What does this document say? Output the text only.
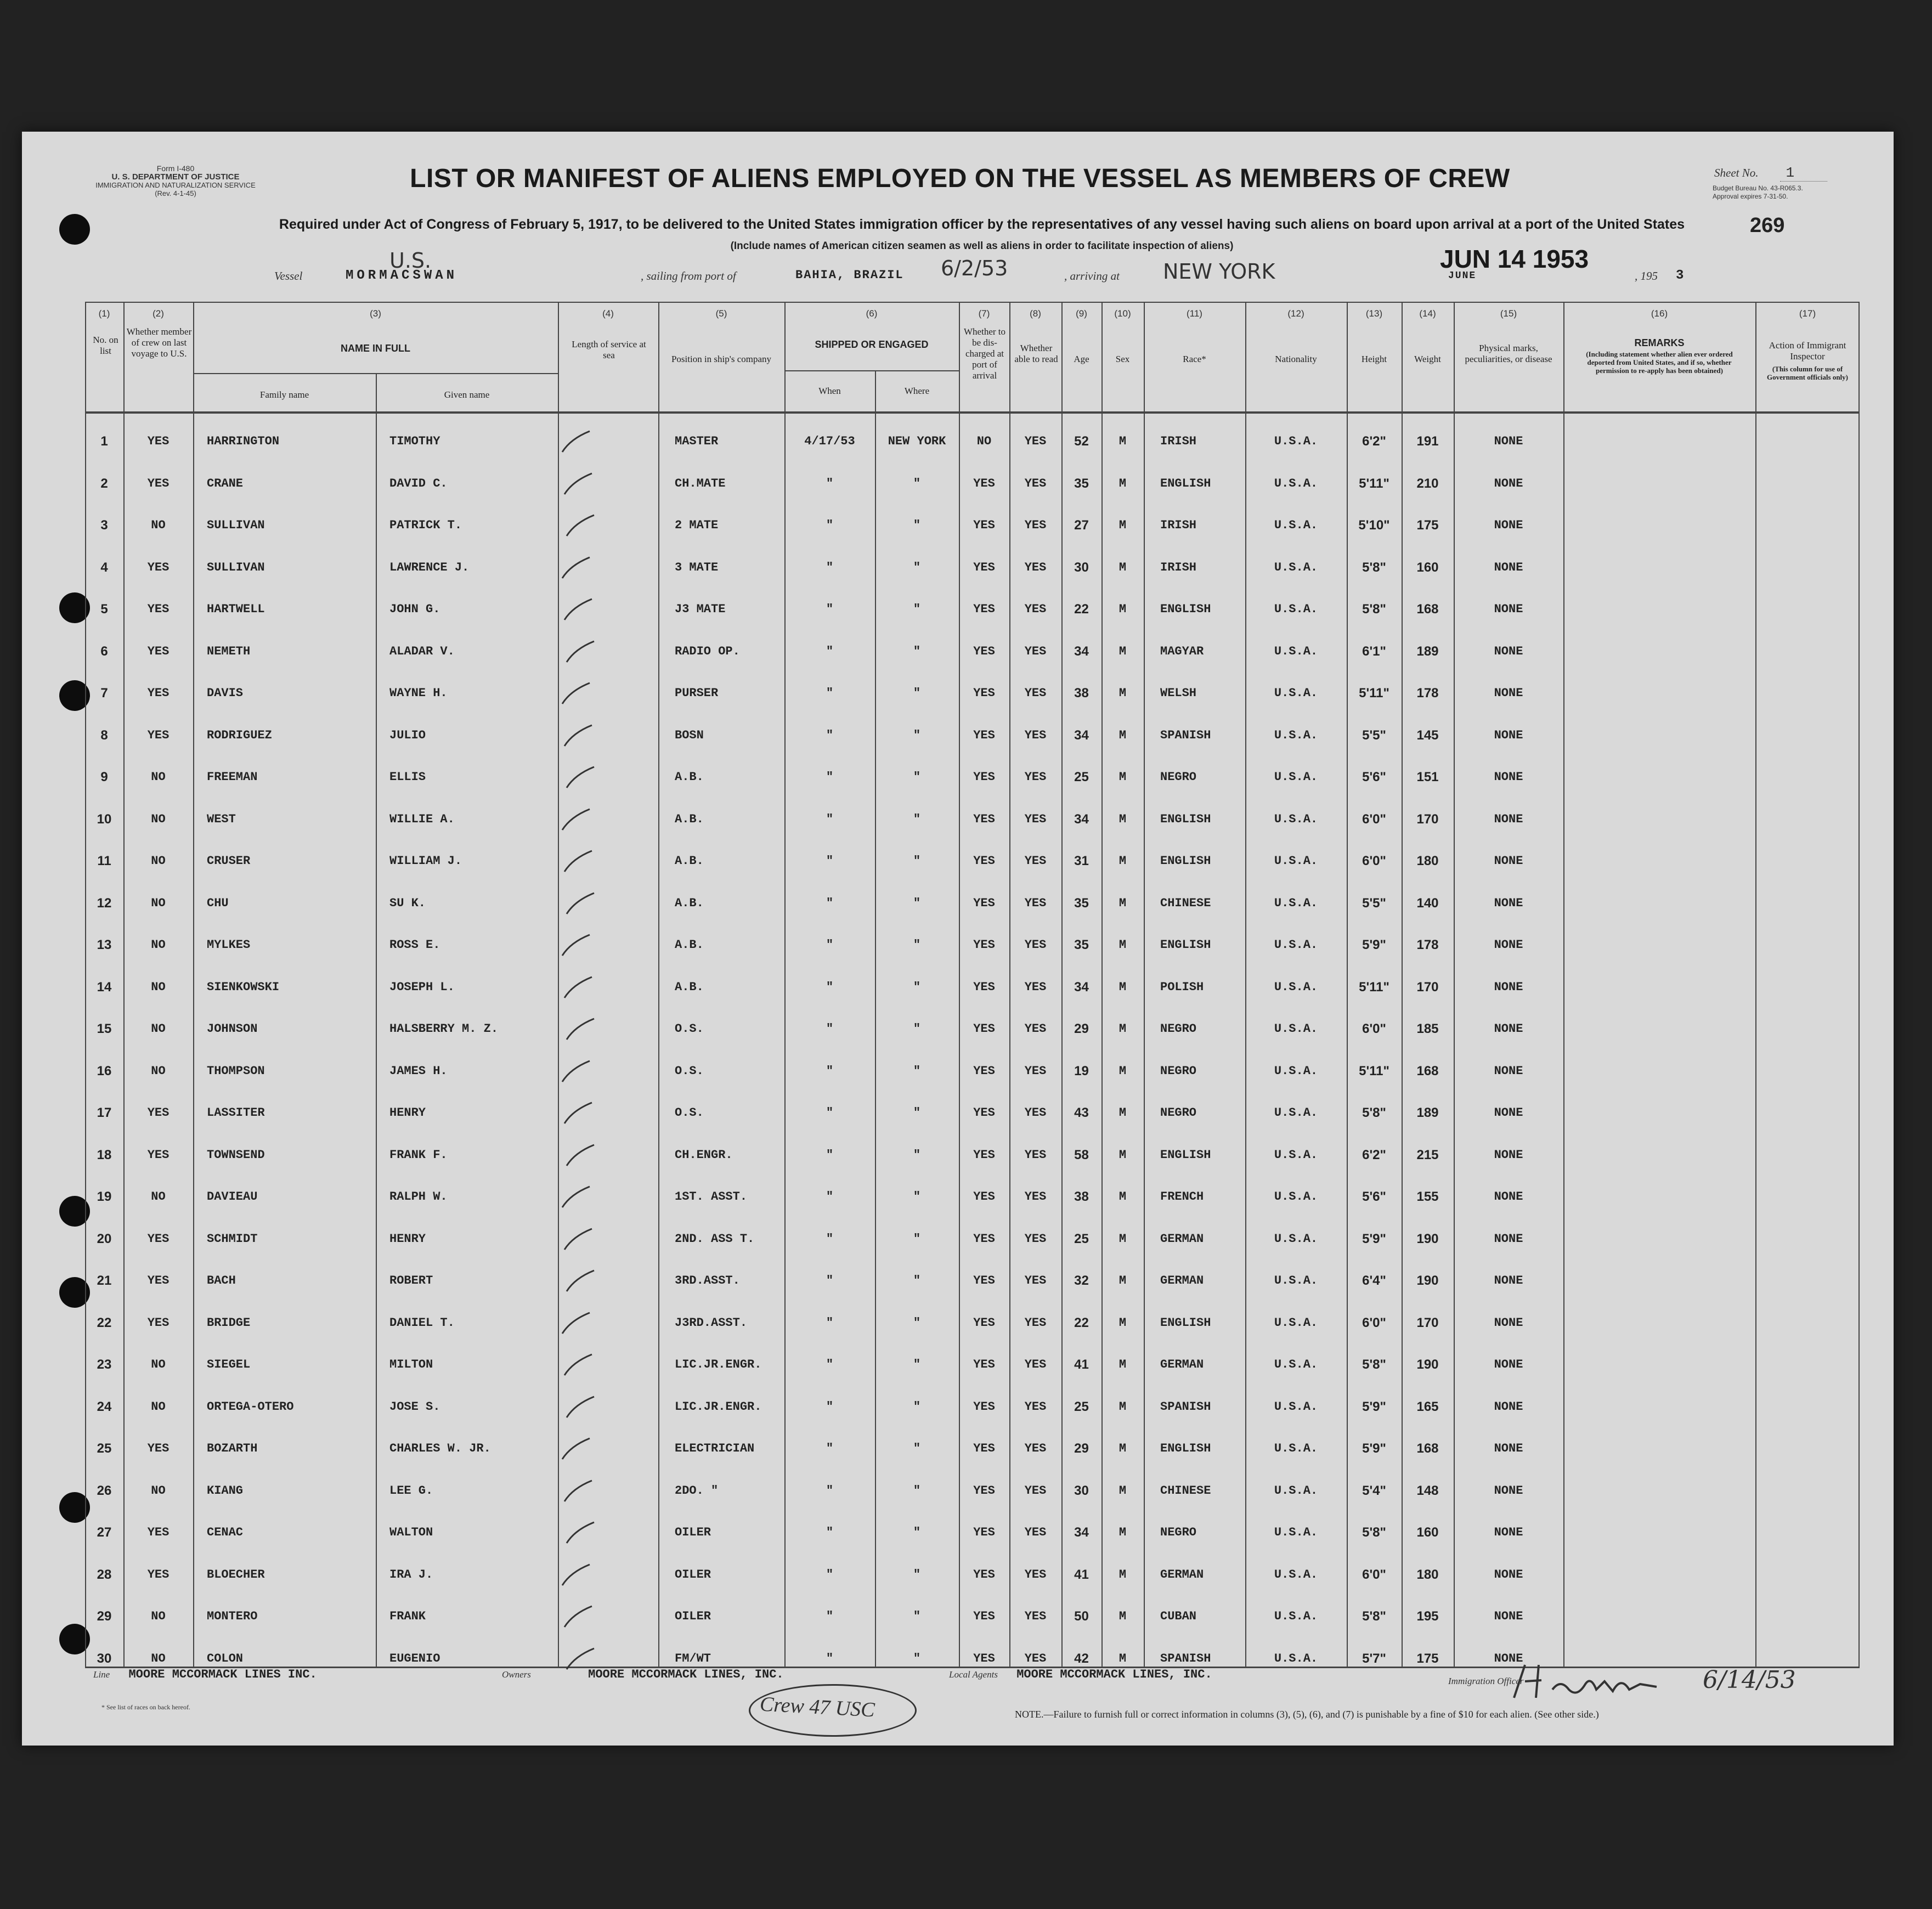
Form I-480
U. S. DEPARTMENT OF JUSTICE
IMMIGRATION AND NATURALIZATION SERVICE
(Rev. 4-1-45)
LIST OR MANIFEST OF ALIENS EMPLOYED ON THE VESSEL AS MEMBERS OF CREW
Required under Act of Congress of February 5, 1917, to be delivered to the United States immigration officer by the representatives of any vessel having such aliens on board upon arrival at a port of the United States
(Include names of American citizen seamen as well as aliens in order to facilitate inspection of aliens)
Sheet No. 1
Budget Bureau No. 43-R065.3.
Approval expires 7-31-50.
269
Vessel
U.S.
MORMACSWAN	, sailing from port of	BAHIA, BRAZIL 6/2/53	, arriving at NEW YORK	JUN 14 1953
JUNE	, 195 3
(1)	(2)	(3)	(4)	(5)	(6)	(7)	(8)	(9)	(10)	(11)	(12)	(13)	(14)	(15)	(16)	(17)
No. on list
Whether member of crew on last voyage to U.S.	NAME IN FULL
Family name	Given name
Length of service at sea	Position in ship's company
SHIPPED OR ENGAGED
When	Where
Whether to be dis-charged at port of arrival
Whether able to read	Age	Sex	Race*	Nationality	Height	Weight
Physical marks, peculiarities, or disease
REMARKS
(Including statement whether alien ever ordered deported from United States, and if so, whether permission to re-apply has been obtained)
Action of Immigrant Inspector
(This column for use of Government officials only)
1	YES	HARRINGTON	TIMOTHY	MASTER	4/17/53	NEW YORK	NO	YES	52	M	IRISH	U.S.A.	6'2"	191	NONE
2	YES	CRANE	DAVID C.	CH.MATE	"	"	YES	YES	35	M	ENGLISH	U.S.A.	5'11"	210	NONE
3	NO	SULLIVAN	PATRICK T.	2 MATE	"	"	YES	YES	27	M	IRISH	U.S.A.	5'10"	175	NONE
4	YES	SULLIVAN	LAWRENCE J.	3 MATE	"	"	YES	YES	30	M	IRISH	U.S.A.	5'8"	160	NONE
5	YES	HARTWELL	JOHN G.	J3 MATE	"	"	YES	YES	22	M	ENGLISH	U.S.A.	5'8"	168	NONE
6	YES	NEMETH	ALADAR V.	RADIO OP.	"	"	YES	YES	34	M	MAGYAR	U.S.A.	6'1"	189	NONE
7	YES	DAVIS	WAYNE H.	PURSER	"	"	YES	YES	38	M	WELSH	U.S.A.	5'11"	178	NONE
8	YES	RODRIGUEZ	JULIO	BOSN	"	"	YES	YES	34	M	SPANISH	U.S.A.	5'5"	145	NONE
9	NO	FREEMAN	ELLIS	A.B.	"	"	YES	YES	25	M	NEGRO	U.S.A.	5'6"	151	NONE
10	NO	WEST	WILLIE A.	A.B.	"	"	YES	YES	34	M	ENGLISH	U.S.A.	6'0"	170	NONE
11	NO	CRUSER	WILLIAM J.	A.B.	"	"	YES	YES	31	M	ENGLISH	U.S.A.	6'0"	180	NONE
12	NO	CHU	SU K.	A.B.	"	"	YES	YES	35	M	CHINESE	U.S.A.	5'5"	140	NONE
13	NO	MYLKES	ROSS E.	A.B.	"	"	YES	YES	35	M	ENGLISH	U.S.A.	5'9"	178	NONE
14	NO	SIENKOWSKI	JOSEPH L.	A.B.	"	"	YES	YES	34	M	POLISH	U.S.A.	5'11"	170	NONE
15	NO	JOHNSON	HALSBERRY M. Z.	O.S.	"	"	YES	YES	29	M	NEGRO	U.S.A.	6'0"	185	NONE
16	NO	THOMPSON	JAMES H.	O.S.	"	"	YES	YES	19	M	NEGRO	U.S.A.	5'11"	168	NONE
17	YES	LASSITER	HENRY	O.S.	"	"	YES	YES	43	M	NEGRO	U.S.A.	5'8"	189	NONE
18	YES	TOWNSEND	FRANK F.	CH.ENGR.	"	"	YES	YES	58	M	ENGLISH	U.S.A.	6'2"	215	NONE
19	NO	DAVIEAU	RALPH W.	1ST. ASST.	"	"	YES	YES	38	M	FRENCH	U.S.A.	5'6"	155	NONE
20	YES	SCHMIDT	HENRY	2ND. ASS T.	"	"	YES	YES	25	M	GERMAN	U.S.A.	5'9"	190	NONE
21	YES	BACH	ROBERT	3RD.ASST.	"	"	YES	YES	32	M	GERMAN	U.S.A.	6'4"	190	NONE
22	YES	BRIDGE	DANIEL T.	J3RD.ASST.	"	"	YES	YES	22	M	ENGLISH	U.S.A.	6'0"	170	NONE
23	NO	SIEGEL	MILTON	LIC.JR.ENGR.	"	"	YES	YES	41	M	GERMAN	U.S.A.	5'8"	190	NONE
24	NO	ORTEGA-OTERO	JOSE S.	LIC.JR.ENGR.	"	"	YES	YES	25	M	SPANISH	U.S.A.	5'9"	165	NONE
25	YES	BOZARTH	CHARLES W. JR.	ELECTRICIAN	"	"	YES	YES	29	M	ENGLISH	U.S.A.	5'9"	168	NONE
26	NO	KIANG	LEE G.	2DO. "	"	"	YES	YES	30	M	CHINESE	U.S.A.	5'4"	148	NONE
27	YES	CENAC	WALTON	OILER	"	"	YES	YES	34	M	NEGRO	U.S.A.	5'8"	160	NONE
28	YES	BLOECHER	IRA J.	OILER	"	"	YES	YES	41	M	GERMAN	U.S.A.	6'0"	180	NONE
29	NO	MONTERO	FRANK	OILER	"	"	YES	YES	50	M	CUBAN	U.S.A.	5'8"	195	NONE
30	NO	COLON	EUGENIO	FM/WT	"	"	YES	YES	42	M	SPANISH	U.S.A.	5'7"	175	NONE
Line MOORE MCCORMACK LINES INC.	Owners	MOORE MCCORMACK LINES, INC.	Local Agents MOORE MCCORMACK LINES, INC.	Immigration Officer	6/14/53
* See list of races on back hereof.	Crew 47 USC	NOTE.—Failure to furnish full or correct information in columns (3), (5), (6), and (7) is punishable by a fine of $10 for each alien. (See other side.)
